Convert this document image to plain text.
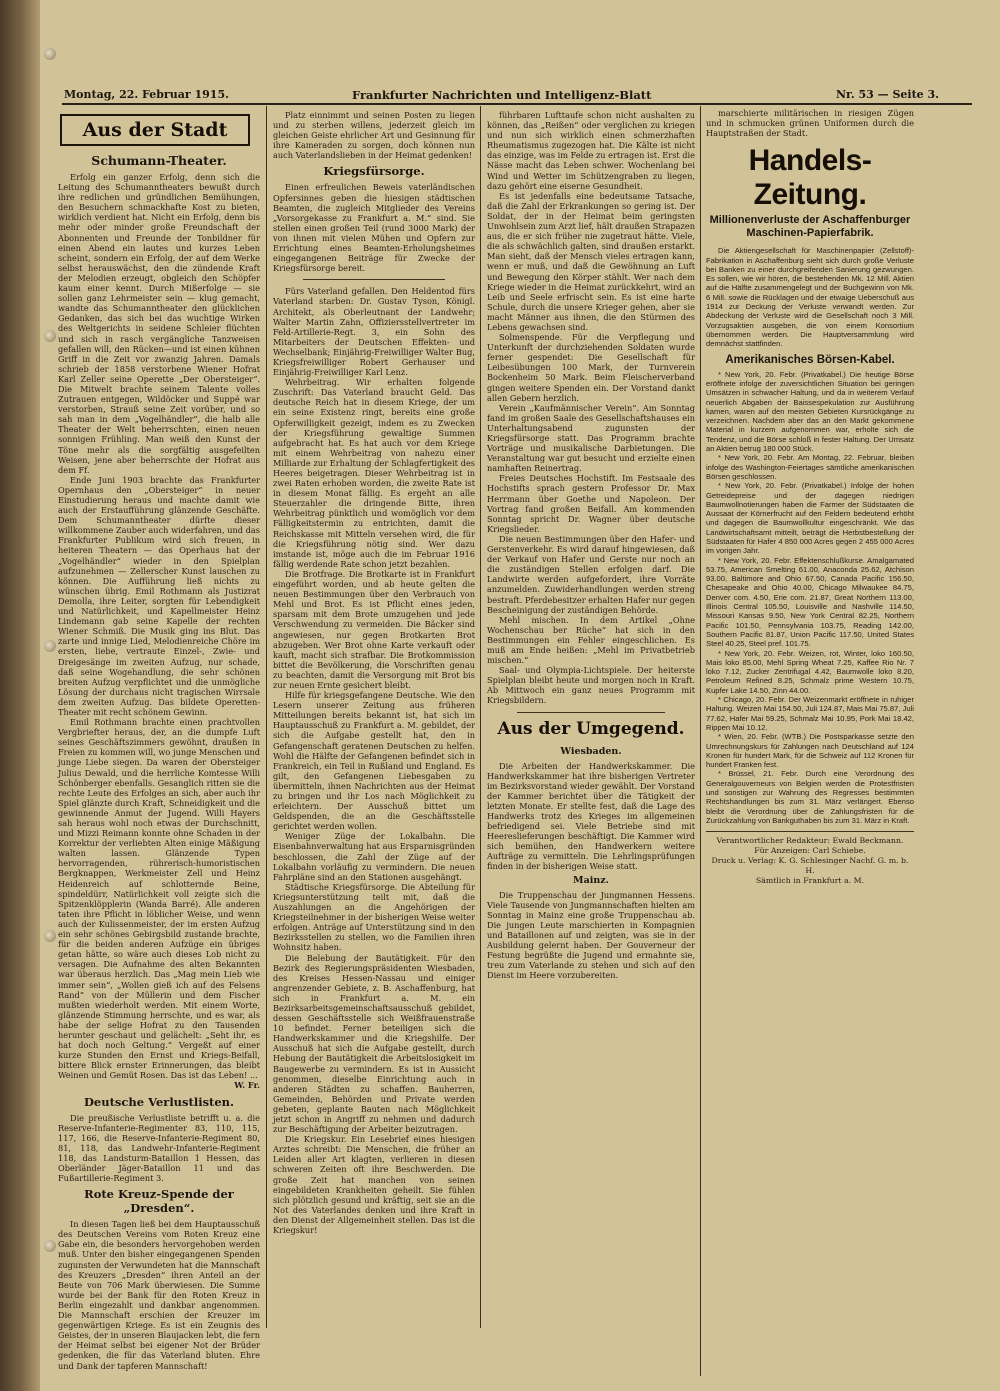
Montag, 22. Februar 1915.	Frankfurter Nachrichten und Intelligenz-Blatt	Nr. 53 — Seite 3.
Aus der Stadt
Schumann-Theater.

Erfolg ein ganzer Erfolg, denn sich die Leitung des Schumanntheaters bewußt durch ihre redlichen und gründlichen Bemühungen, den Besuchern schmackhafte Kost zu bieten, wirklich verdient hat. Nicht ein Erfolg, denn bis mehr oder minder große Freundschaft der Abonnenten und Freunde der Tonbildner für einen Abend ein lautes und kurzes Leben scheint, sondern ein Erfolg, der auf dem Werke selbst herauswächst, den die zündende Kraft der Melodien erzeugt, obgleich den Schöpfer kaum einer kennt. Durch Mißerfolge — sie sollen ganz Lehrmeister sein — klug gemacht, wandte das Schumanntheater den glücklichen Gedanken, das sich bei das wuchtige Wirken des Weltgerichts in seidene Schleier flüchten und sich in rasch vergängliche Tanzweisen gefallen will, den Rücken—und ist einen kühnen Griff in die Zeit vor zwanzig Jahren. Damals schrieb der 1858 verstorbene Wiener Hofrat Karl Zeller seine Operette „Der Obersteiger“. Die Mitwelt brachte seinem Talente volles Zutrauen entgegen, Wildöcker und Suppé war verstorben, Strauß seine Zeit vorüber, und so sah man in dem „Vogelhändler“, die halb alle Theater der Welt beherrschten, einen neuen sonnigen Frühling. Man weiß den Kunst der Töne mehr als die sorgfältig ausgefeilten Weisen, jene aber beherrschte der Hofrat aus dem Ff.

Ende Juni 1903 brachte das Frankfurter Opernhaus den „Obersteiger“ in neuer Einstudierung heraus und machte damit wie auch der Erstaufführung glänzende Geschäfte. Dem Schumanntheater dürfte dieser willkommene Zauber auch widerfahren, und das Frankfurter Publikum wird sich freuen, in heiteren Theatern — das Operhaus hat der „Vogelhändler“ wieder in den Spielplan aufzunehmen — Zellerscher Kunst lauschen zu können. Die Aufführung ließ nichts zu wünschen übrig. Emil Rothmann als Justizrat Demolla, ihre Leiter, sorgten für Lebendigkeit und Natürlichkeit, und Kapellmeister Heinz Lindemann gab seine Kapelle der rechten Wiener Schmiß. Die Musik ging ins Blut. Das zarte und innige Lied, Melodienreiche Chöre im ersten, liebe, vertraute Einzel-, Zwie- und Dreigesänge im zweiten Aufzug, nur schade, daß seine Wogehandlung, die sehr schönen breiten Aufzug verpflichtet und die unmögliche Lösung der durchaus nicht tragischen Wirrsale dem zweiten Aufzug. Das bildete Operetten-Theater mit recht schönem Gewinn.

Emil Rothmann brachte einen prachtvollen Vergbriefter heraus, der, an die dumpfe Luft seines Geschäftszimmers gewöhnt, draußen in Freien zu kommen will, wo junge Menschen und junge Liebe siegen. Da waren der Obersteiger Julius Dewald, und die herrliche Komtesse Willi Schönberger ebenfalls. Gesanglich ritten sie die rechte Leute des Erfolges an sich, aber auch ihr Spiel glänzte durch Kraft, Schneidigkeit und die gewinnende Anmut der Jugend. Willi Hayers sah heraus wohl noch etwas der Durchschnitt, und Mizzi Reimann konnte ohne Schaden in der Korrektur der verliebten Alten einige Mäßigung walten lassen. Glänzende Typen hervorragenden, rührerisch-humoristischen Bergknappen, Werkmeister Zell und Heinz Heidenreich auf schlotternde Beine, spindeldürr, Natürlichkeit voll zeigte sich die Spitzenklöpplerin (Wanda Barré). Alle anderen taten ihre Pflicht in löblicher Weise, und wenn auch der Kulissenmeister, der im ersten Aufzug ein sehr schönes Gebirgsbild zustande brachte, für die beiden anderen Aufzüge ein übriges getan hätte, so wäre auch dieses Lob nicht zu versagen. Die Aufnahme des alten Bekannten war überaus herzlich. Das „Mag mein Lieb wie immer sein“, „Wollen gieß ich auf des Felsens Rand“ von der Müllerin und dem Fischer mußten wiederholt werden. Mit einem Worte, glänzende Stimmung herrschte, und es war, als habe der selige Hofrat zu den Tausenden herunter geschaut und gelächelt: „Seht ihr, es hat doch noch Geltung.“ Vergeßt auf einer kurze Stunden den Ernst und Kriegs-Beifall, bittere Blick ernster Erinnerungen, das bleibt Weinen und Gemüt Rosen. Das ist das Leben! ...

W. Fr.
Deutsche Verlustlisten.

Die preußische Verlustliste betrifft u. a. die Reserve-Infanterie-Regimenter 83, 110, 115, 117, 166, die Reserve-Infanterie-Regiment 80, 81, 118, das Landwehr-Infanterie-Regiment 118, das Landsturm-Bataillon 1 Hessen, das Oberländer Jäger-Bataillon 11 und das Fußartillerie-Regiment 3.

Rote Kreuz-Spende der „Dresden“.

In diesen Tagen ließ bei dem Hauptausschuß des Deutschen Vereins vom Roten Kreuz eine Gabe ein, die besonders hervorgehoben werden muß. Unter den bisher eingegangenen Spenden zugunsten der Verwundeten hat die Mannschaft des Kreuzers „Dresden“ ihren Anteil an der Beute von 706 Mark überwiesen. Die Summe wurde bei der Bank für den Roten Kreuz in Berlin eingezahlt und dankbar angenommen. Die Mannschaft erschien der Kreuzer im gegenwärtigen Kriege. Es ist ein Zeugnis des Geistes, der in unseren Blaujacken lebt, die fern der Heimat selbst bei eigener Not der Brüder gedenken, die für das Vaterland bluten. Ehre und Dank der tapferen Mannschaft!

Platz einnimmt und seinen Posten zu liegen und zu sterben willens, jederzeit gleich im gleichen Geiste ehrlicher Art und Gesinnung für ihre Kameraden zu sorgen, doch können nun auch Vaterlandslieben in der Heimat gedenken!

Kriegsfürsorge.

Einen erfreulichen Beweis vaterländischen Opfersinnes geben die hiesigen städtischen Beamten, die zugleich Mitglieder des Vereins „Vorsorgekasse zu Frankfurt a. M.“ sind. Sie stellen einen großen Teil (rund 3000 Mark) der von ihnen mit vielen Mühen und Opfern zur Errichtung eines Beamten-Erholungsheimes eingegangenen Beiträge für Zwecke der Kriegsfürsorge bereit.

Fürs Vaterland gefallen. Den Heldentod fürs Vaterland starben: Dr. Gustav Tyson, Königl. Architekt, als Oberleutnant der Landwehr; Walter Martin Zahn, Offiziersstellvertreter im Feld-Artillerie-Regt. 3, ein Sohn des Mitarbeiters der Deutschen Effekten- und Wechselbank; Einjährig-Freiwilliger Walter Bug, Kriegsfreiwilliger Robert Gerhauser und Einjährig-Freiwilliger Karl Lenz.

Wehrbeitrag. Wir erhalten folgende Zuschrift: Das Vaterland braucht Geld. Das deutsche Reich hat in diesem Kriege, der um ein seine Existenz ringt, bereits eine große Opferwilligkeit gezeigt, indem es zu Zwecken der Kriegsführung gewaltige Summen aufgebracht hat. Es hat auch vor dem Kriege mit einem Wehrbeitrag von nahezu einer Milliarde zur Erhaltung der Schlagfertigkeit des Heeres beigetragen. Dieser Wehrbeitrag ist in zwei Raten erhoben worden, die zweite Rate ist in diesem Monat fällig. Es ergeht an alle Steuerzahler die dringende Bitte, ihren Wehrbeitrag pünktlich und womöglich vor dem Fälligkeitstermin zu entrichten, damit die Reichskasse mit Mitteln versehen wird, die für die Kriegsführung nötig sind. Wer dazu imstande ist, möge auch die im Februar 1916 fällig werdende Rate schon jetzt bezahlen.

Die Brotfrage. Die Brotkarte ist in Frankfurt eingeführt worden, und ab heute gelten die neuen Bestimmungen über den Verbrauch von Mehl und Brot. Es ist Pflicht eines jeden, sparsam mit dem Brote umzugehen und jede Verschwendung zu vermeiden. Die Bäcker sind angewiesen, nur gegen Brotkarten Brot abzugeben. Wer Brot ohne Karte verkauft oder kauft, macht sich strafbar. Die Brotkommission bittet die Bevölkerung, die Vorschriften genau zu beachten, damit die Versorgung mit Brot bis zur neuen Ernte gesichert bleibt.

Hilfe für kriegsgefangene Deutsche. Wie den Lesern unserer Zeitung aus früheren Mitteilungen bereits bekannt ist, hat sich im Hauptausschuß zu Frankfurt a. M. gebildet, der sich die Aufgabe gestellt hat, den in Gefangenschaft geratenen Deutschen zu helfen. Wohl die Hälfte der Gefangenen befindet sich in Frankreich, ein Teil in Rußland und England. Es gilt, den Gefangenen Liebesgaben zu übermitteln, ihnen Nachrichten aus der Heimat zu bringen und ihr Los nach Möglichkeit zu erleichtern. Der Ausschuß bittet um Geldspenden, die an die Geschäftsstelle gerichtet werden wollen.

Weniger Züge der Lokalbahn. Die Eisenbahnverwaltung hat aus Ersparnisgründen beschlossen, die Zahl der Züge auf der Lokalbahn vorläufig zu vermindern. Die neuen Fahrpläne sind an den Stationen ausgehängt.

Städtische Kriegsfürsorge. Die Abteilung für Kriegsunterstützung teilt mit, daß die Auszahlungen an die Angehörigen der Kriegsteilnehmer in der bisherigen Weise weiter erfolgen. Anträge auf Unterstützung sind in den Bezirksstellen zu stellen, wo die Familien ihren Wohnsitz haben.

Die Belebung der Bautätigkeit. Für den Bezirk des Regierungspräsidenten Wiesbaden, des Kreises Hessen-Nassau und einiger angrenzender Gebiete, z. B. Aschaffenburg, hat sich in Frankfurt a. M. ein Bezirksarbeitsgemeinschaftsausschuß gebildet, dessen Geschäftsstelle sich Weißfrauenstraße 10 befindet. Ferner beteiligen sich die Handwerkskammer und die Kriegshilfe. Der Ausschuß hat sich die Aufgabe gestellt, durch Hebung der Bautätigkeit die Arbeitslosigkeit im Baugewerbe zu vermindern. Es ist in Aussicht genommen, dieselbe Einrichtung auch in anderen Städten zu schaffen. Bauherren, Gemeinden, Behörden und Private werden gebeten, geplante Bauten nach Möglichkeit jetzt schon in Angriff zu nehmen und dadurch zur Beschäftigung der Arbeiter beizutragen.

Die Kriegskur. Ein Lesebrief eines hiesigen Arztes schreibt: Die Menschen, die früher an Leiden aller Art klagten, verlieren in diesen schweren Zeiten oft ihre Beschwerden. Die große Zeit hat manchen von seinen eingebildeten Krankheiten geheilt. Sie fühlen sich plötzlich gesund und kräftig, seit sie an die Not des Vaterlandes denken und ihre Kraft in den Dienst der Allgemeinheit stellen. Das ist die Kriegskur!

führbaren Lufttaufe schon nicht aushalten zu können, das „Reißen“ oder verglichen zu kriegen und nun sich wirklich einen schmerzhaften Rheumatismus zugezogen hat. Die Kälte ist nicht das einzige, was im Felde zu ertragen ist. Erst die Nässe macht das Leben schwer. Wochenlang bei Wind und Wetter im Schützengraben zu liegen, dazu gehört eine eiserne Gesundheit.

Es ist jedenfalls eine bedeutsame Tatsache, daß die Zahl der Erkrankungen so gering ist. Der Soldat, der in der Heimat beim geringsten Unwohlsein zum Arzt lief, hält draußen Strapazen aus, die er sich früher nie zugetraut hätte. Viele, die als schwächlich galten, sind draußen erstarkt. Man sieht, daß der Mensch vieles ertragen kann, wenn er muß, und daß die Gewöhnung an Luft und Bewegung den Körper stählt. Wer nach dem Kriege wieder in die Heimat zurückkehrt, wird an Leib und Seele erfrischt sein. Es ist eine harte Schule, durch die unsere Krieger gehen, aber sie macht Männer aus ihnen, die den Stürmen des Lebens gewachsen sind.

Solmenspende. Für die Verpflegung und Unterkunft der durchziehenden Soldaten wurde ferner gespendet: Die Gesellschaft für Leibesübungen 100 Mark, der Turnverein Bockenheim 50 Mark. Beim Fleischerverband gingen weitere Spenden ein. Der Vorstand dankt allen Gebern herzlich.

Verein „Kaufmännischer Verein“. Am Sonntag fand im großen Saale des Gesellschaftshauses ein Unterhaltungsabend zugunsten der Kriegsfürsorge statt. Das Programm brachte Vorträge und musikalische Darbietungen. Die Veranstaltung war gut besucht und erzielte einen namhaften Reinertrag.

Freies Deutsches Hochstift. Im Festsaale des Hochstifts sprach gestern Professor Dr. Max Herrmann über Goethe und Napoleon. Der Vortrag fand großen Beifall. Am kommenden Sonntag spricht Dr. Wagner über deutsche Kriegslieder.

Die neuen Bestimmungen über den Hafer- und Gerstenverkehr. Es wird darauf hingewiesen, daß der Verkauf von Hafer und Gerste nur noch an die zuständigen Stellen erfolgen darf. Die Landwirte werden aufgefordert, ihre Vorräte anzumelden. Zuwiderhandlungen werden streng bestraft. Pferdebesitzer erhalten Hafer nur gegen Bescheinigung der zuständigen Behörde.

Mehl mischen. In dem Artikel „Ohne Wochenschau ber Rüche“ hat sich in den Bestimmungen ein Fehler eingeschlichen. Es muß am Ende heißen: „Mehl im Privatbetrieb mischen.“

Saal- und Olympia-Lichtspiele. Der heiterste Spielplan bleibt heute und morgen noch in Kraft. Ab Mittwoch ein ganz neues Programm mit Kriegsbildern.

Aus der Umgegend.
Wiesbaden.

Die Arbeiten der Handwerkskammer. Die Handwerkskammer hat ihre bisherigen Vertreter im Bezirksvorstand wieder gewählt. Der Vorstand der Kammer berichtet über die Tätigkeit der letzten Monate. Er stellte fest, daß die Lage des Handwerks trotz des Krieges im allgemeinen befriedigend sei. Viele Betriebe sind mit Heereslieferungen beschäftigt. Die Kammer wird sich bemühen, den Handwerkern weitere Aufträge zu vermitteln. Die Lehrlingsprüfungen finden in der bisherigen Weise statt.

Mainz.

Die Truppenschau der Jungmannen Hessens. Viele Tausende von Jungmannschaften hielten am Sonntag in Mainz eine große Truppenschau ab. Die jungen Leute marschierten in Kompagnien und Bataillonen auf und zeigten, was sie in der Ausbildung gelernt haben. Der Gouverneur der Festung begrüßte die Jugend und ermahnte sie, treu zum Vaterlande zu stehen und sich auf den Dienst im Heere vorzubereiten.

marschierte militärischen in riesigen Zügen und in schmucken grünen Uniformen durch die Hauptstraßen der Stadt.

Handels-Zeitung.
Millionenverluste der Aschaffenburger Maschinen-Papierfabrik.

Die Aktiengesellschaft für Maschinenpapier (Zellstoff)-Fabrikation in Aschaffenburg sieht sich durch große Verluste bei Banken zu einer durchgreifenden Sanierung gezwungen. Es sollen, wie wir hören, die bestehenden Mk. 12 Mill. Aktien auf die Hälfte zusammengelegt und der Buchgewinn von Mk. 6 Mill. sowie die Rücklagen und der etwaige Ueberschuß aus 1914 zur Deckung der Verluste verwandt werden. Zur Abdeckung der Verluste wird die Gesellschaft noch 3 Mill. Vorzugsaktien ausgeben, die von einem Konsortium übernommen werden. Die Hauptversammlung wird demnächst stattfinden.

Amerikanisches Börsen-Kabel.

* New York, 20. Febr. (Privatkabel.) Die heutige Börse eröffnete infolge der zuversichtlichen Situation bei geringen Umsätzen in schwacher Haltung, und da in weiterem Verlauf neuerlich Abgaben der Baissespekulation zur Ausführung kamen, waren auf den meisten Gebieten Kursrückgänge zu verzeichnen. Nachdem aber das an den Markt gekommene Material in kurzem aufgenommen war, erholte sich die Tendenz, und die Börse schloß in fester Haltung. Der Umsatz an Aktien betrug 180 000 Stück.

* New York, 20. Febr. Am Montag, 22. Februar, bleiben infolge des Washington-Feiertages sämtliche amerikanischen Börsen geschlossen.

* New York, 20. Febr. (Privatkabel.) Infolge der hohen Getreidepreise und der dagegen niedrigen Baumwollnotierungen haben die Farmer der Südstaaten die Aussaat der Körnerfrucht auf den Feldern bedeutend erhöht und dagegen die Baumwollkultur eingeschränkt. Wie das Landwirtschaftsamt mitteilt, beträgt die Herbstbestellung der Südstaaten für Hafer 4 850 000 Acres gegen 2 455 000 Acres im vorigen Jahr.

* New York, 20. Febr. Effektenschlußkurse. Amalgamated 53.75, American Smelting 61.00, Anaconda 25.62, Atchison 93.00, Baltimore and Ohio 67.50, Canada Pacific 156.50, Chesapeake and Ohio 40.00, Chicago Milwaukee 84.75, Denver com. 4.50, Erie com. 21.87, Great Northern 113.00, Illinois Central 105.50, Louisville and Nashville 114.50, Missouri Kansas 9.50, New York Central 82.25, Northern Pacific 101.50, Pennsylvania 103.75, Reading 142.00, Southern Pacific 81.87, Union Pacific 117.50, United States Steel 40.25, Steel pref. 101.75.

* New York, 20. Febr. Weizen, rot, Winter, loko 160.50, Mais loko 85.00, Mehl Spring Wheat 7.25, Kaffee Rio Nr. 7 loko 7.12, Zucker Zentrifugal 4.42, Baumwolle loko 8.20, Petroleum Refined 8.25, Schmalz prime Western 10.75, Kupfer Lake 14.50, Zinn 44.00.

* Chicago, 20. Febr. Der Weizenmarkt eröffnete in ruhiger Haltung. Weizen Mai 154.50, Juli 124.87, Mais Mai 75.87, Juli 77.62, Hafer Mai 59.25, Schmalz Mai 10.95, Pork Mai 18.42, Rippen Mai 10.12.

* Wien, 20. Febr. (WTB.) Die Postsparkasse setzte den Umrechnungskurs für Zahlungen nach Deutschland auf 124 Kronen für hundert Mark, für die Schweiz auf 112 Kronen für hundert Franken fest.

* Brüssel, 21. Febr. Durch eine Verordnung des Generalgouverneurs von Belgien werden die Protestfristen und sonstigen zur Wahrung des Regresses bestimmten Rechtshandlungen bis zum 31. März verlängert. Ebenso bleibt die Verordnung über die Zahlungsfristen für die Zurückzahlung von Bankguthaben bis zum 31. März in Kraft.

Verantwortlicher Redakteur: Ewald Beckmann.
Für Anzeigen: Carl Schiebe.
Druck u. Verlag: K. G. Schlesinger Nachf. G. m. b. H.
Sämtlich in Frankfurt a. M.
